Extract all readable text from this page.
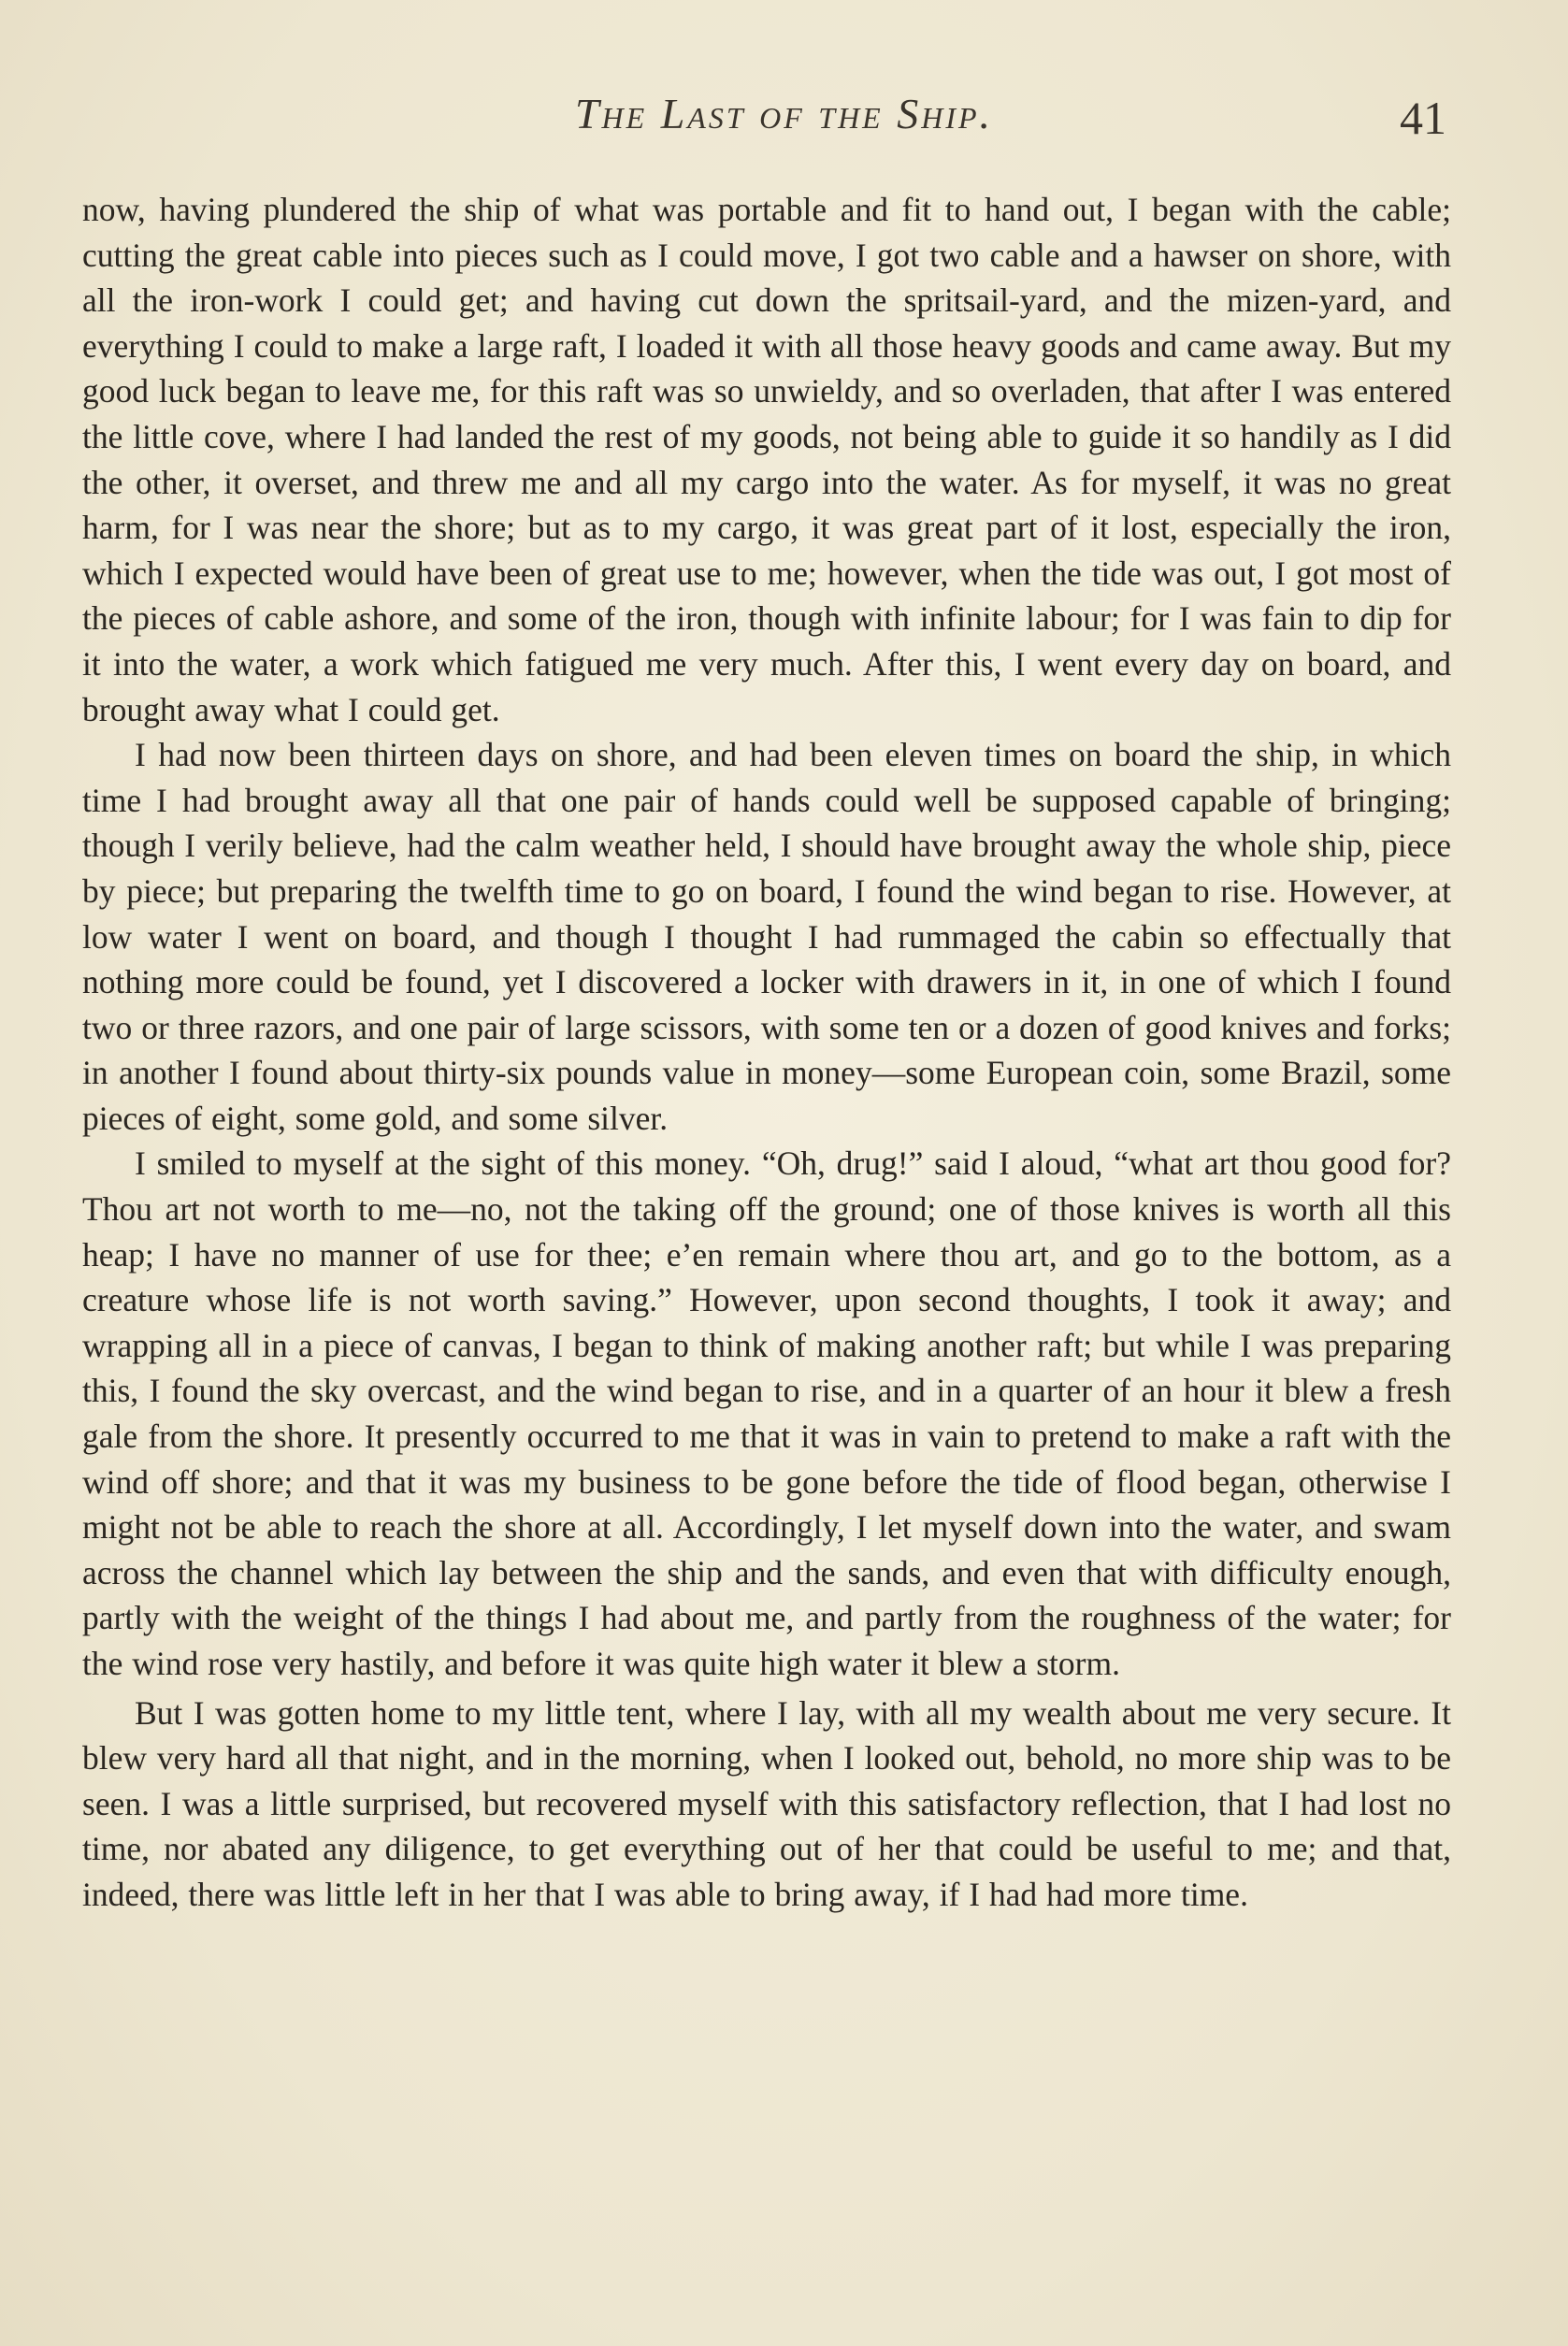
The Last of the Ship.	41

now, having plundered the ship of what was portable and fit to hand out, I began with the cable; cutting the great cable into pieces such as I could move, I got two cable and a hawser on shore, with all the iron-work I could get; and having cut down the spritsail-yard, and the mizen-yard, and everything I could to make a large raft, I loaded it with all those heavy goods and came away. But my good luck began to leave me, for this raft was so unwieldy, and so overladen, that after I was entered the little cove, where I had landed the rest of my goods, not being able to guide it so handily as I did the other, it overset, and threw me and all my cargo into the water. As for myself, it was no great harm, for I was near the shore; but as to my cargo, it was great part of it lost, especially the iron, which I expected would have been of great use to me; however, when the tide was out, I got most of the pieces of cable ashore, and some of the iron, though with infinite labour; for I was fain to dip for it into the water, a work which fatigued me very much. After this, I went every day on board, and brought away what I could get.

I had now been thirteen days on shore, and had been eleven times on board the ship, in which time I had brought away all that one pair of hands could well be supposed capable of bringing; though I verily believe, had the calm weather held, I should have brought away the whole ship, piece by piece; but preparing the twelfth time to go on board, I found the wind began to rise. However, at low water I went on board, and though I thought I had rummaged the cabin so effectually that nothing more could be found, yet I discovered a locker with drawers in it, in one of which I found two or three razors, and one pair of large scissors, with some ten or a dozen of good knives and forks; in another I found about thirty-six pounds value in money—some European coin, some Brazil, some pieces of eight, some gold, and some silver.

I smiled to myself at the sight of this money. “Oh, drug!” said I aloud, “what art thou good for? Thou art not worth to me—no, not the taking off the ground; one of those knives is worth all this heap; I have no manner of use for thee; e’en remain where thou art, and go to the bottom, as a creature whose life is not worth saving.” However, upon second thoughts, I took it away; and wrapping all in a piece of canvas, I began to think of making another raft; but while I was preparing this, I found the sky overcast, and the wind began to rise, and in a quarter of an hour it blew a fresh gale from the shore. It presently occurred to me that it was in vain to pretend to make a raft with the wind off shore; and that it was my business to be gone before the tide of flood began, otherwise I might not be able to reach the shore at all. Accordingly, I let myself down into the water, and swam across the channel which lay between the ship and the sands, and even that with difficulty enough, partly with the weight of the things I had about me, and partly from the roughness of the water; for the wind rose very hastily, and before it was quite high water it blew a storm.

But I was gotten home to my little tent, where I lay, with all my wealth about me very secure. It blew very hard all that night, and in the morning, when I looked out, behold, no more ship was to be seen. I was a little surprised, but recovered myself with this satisfactory reflection, that I had lost no time, nor abated any diligence, to get everything out of her that could be useful to me; and that, indeed, there was little left in her that I was able to bring away, if I had had more time.
